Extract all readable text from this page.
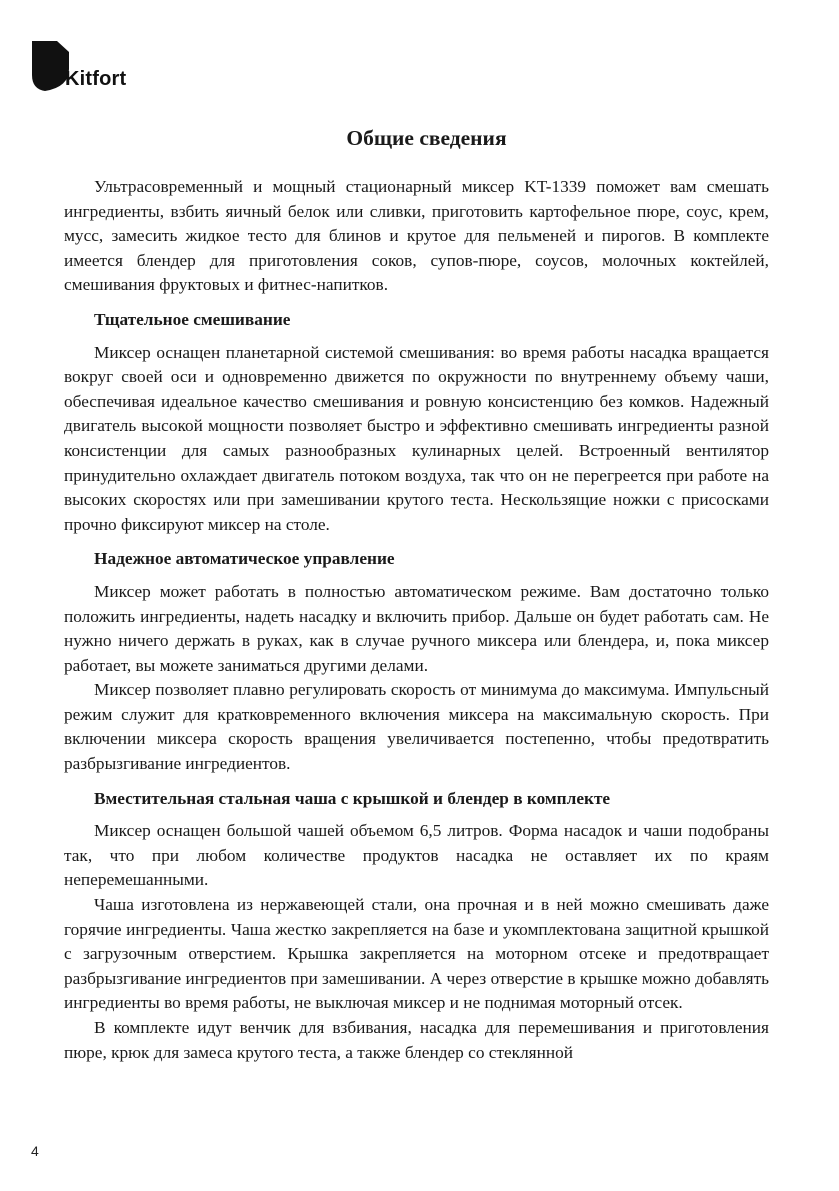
Kitfort
Общие сведения

Ультрасовременный и мощный стационарный миксер KT-1339 поможет вам смешать ингредиенты, взбить яичный белок или сливки, приготовить картофельное пюре, соус, крем, мусс, замесить жидкое тесто для блинов и крутое для пельменей и пирогов. В комплекте имеется блендер для приготовления соков, супов-пюре, соусов, молочных коктейлей, смешивания фруктовых и фитнес-напитков.

Тщательное смешивание

Миксер оснащен планетарной системой смешивания: во время работы насадка вращается вокруг своей оси и одновременно движется по окружности по внутреннему объему чаши, обеспечивая идеальное качество смешивания и ровную консистенцию без комков. Надежный двигатель высокой мощности позволяет быстро и эффективно смешивать ингредиенты разной консистенции для самых разнообразных кулинарных целей. Встроенный вентилятор принудительно охлаждает двигатель потоком воздуха, так что он не перегреется при работе на высоких скоростях или при замешивании крутого теста. Нескользящие ножки с присосками прочно фиксируют миксер на столе.

Надежное автоматическое управление

Миксер может работать в полностью автоматическом режиме. Вам достаточно только положить ингредиенты, надеть насадку и включить прибор. Дальше он будет работать сам. Не нужно ничего держать в руках, как в случае ручного миксера или блендера, и, пока миксер работает, вы можете заниматься другими делами.

Миксер позволяет плавно регулировать скорость от минимума до максимума. Импульсный режим служит для кратковременного включения миксера на максимальную скорость. При включении миксера скорость вращения увеличивается постепенно, чтобы предотвратить разбрызгивание ингредиентов.

Вместительная стальная чаша с крышкой и блендер в комплекте

Миксер оснащен большой чашей объемом 6,5 литров. Форма насадок и чаши подобраны так, что при любом количестве продуктов насадка не оставляет их по краям неперемешанными.

Чаша изготовлена из нержавеющей стали, она прочная и в ней можно смешивать даже горячие ингредиенты. Чаша жестко закрепляется на базе и укомплектована защитной крышкой с загрузочным отверстием. Крышка закрепляется на моторном отсеке и предотвращает разбрызгивание ингредиентов при замешивании. А через отверстие в крышке можно добавлять ингредиенты во время работы, не выключая миксер и не поднимая моторный отсек.

В комплекте идут венчик для взбивания, насадка для перемешивания и приготовления пюре, крюк для замеса крутого теста, а также блендер со стеклянной

4
